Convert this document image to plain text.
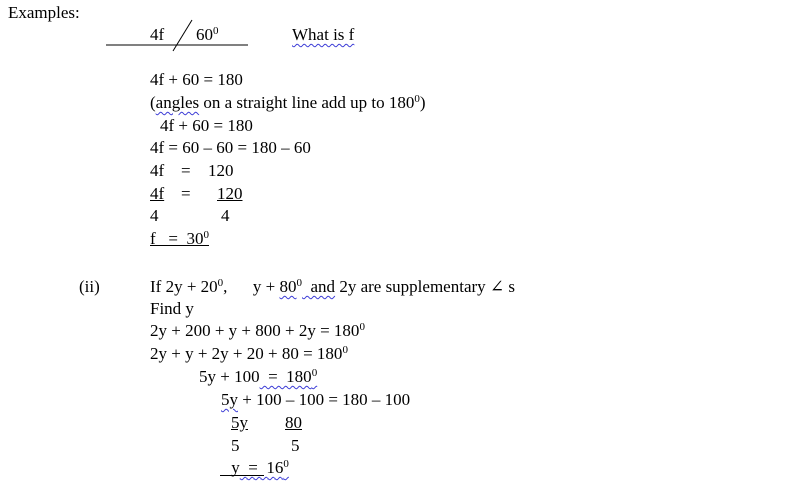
Examples:
4f $60^0$	What is f
4f + 60 = 180
(angles on a straight line add up to $180^0$)
4f + 60 = 180
4f = 60 – 60 = 180 – 60
4f = 120
4f = 120
4	4
$f = 30^0$
(ii)	If $2y + 20^0$,      $y + 80^0$  and 2y are supplementary ∠ s
Find y
$2y + 200 + y + 800 + 2y = 180^0$
$2y + y + 2y + 20 + 80 = 180^0$
$5y + 100 = 180^0$
5y + 100 – 100 = 180 – 100
5y 80
5	5
$y = 16^0$
